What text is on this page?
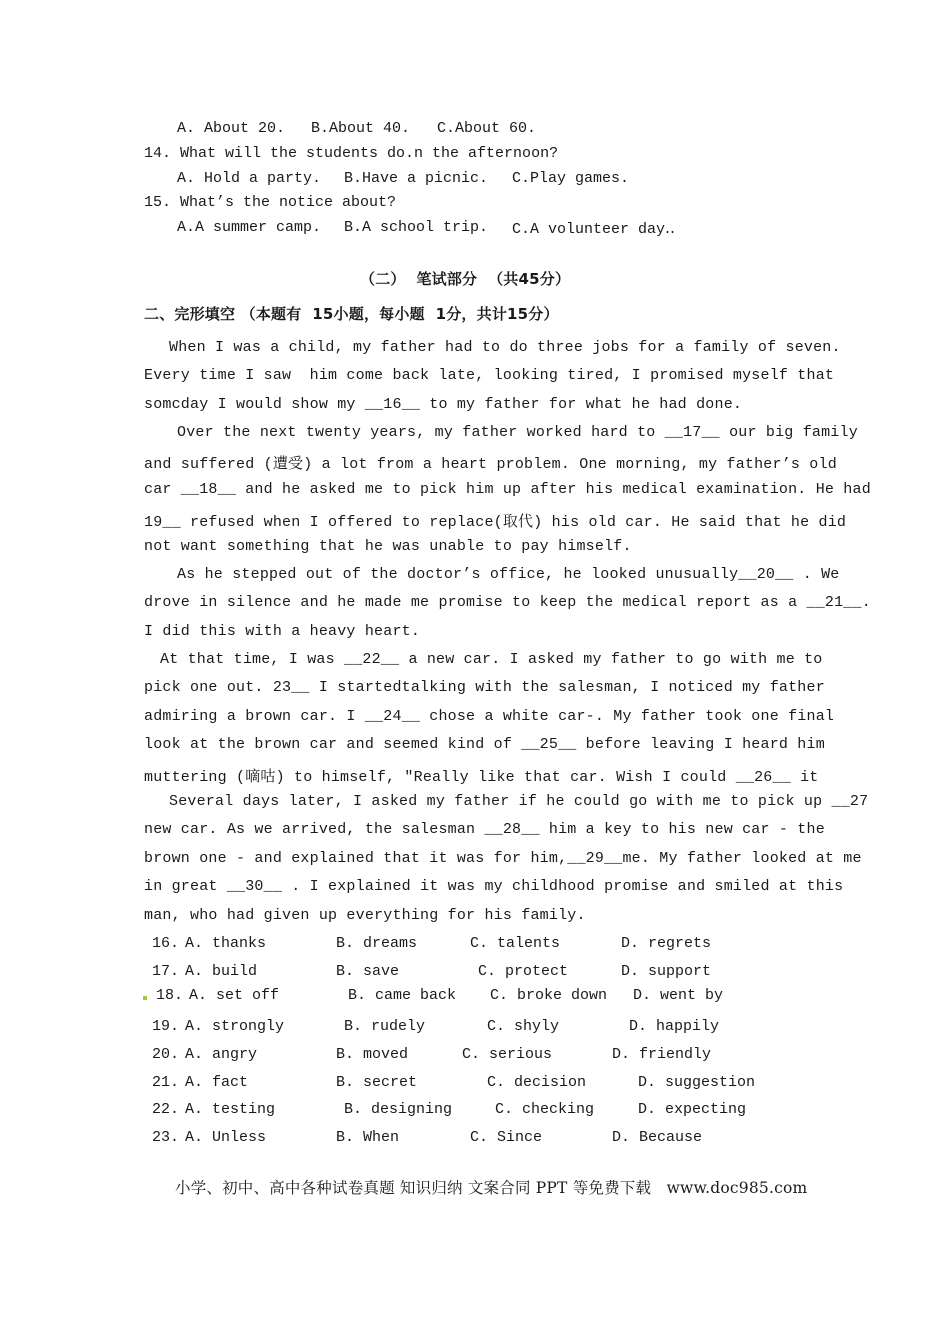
A. About 20. B.About 40. C.About 60.
14. What will the students do.n the afternoon?
A. Hold a party. B.Have a picnic. C.Play games.
15. What’s the notice about?
A.A summer camp. B.A school trip. C.A volunteer day‥
（二）  笔试部分  （共45分）
二、完形填空 （本题有  15小题，每小题  1分，共计15分）
When I was a child, my father had to do three jobs for a family of seven.
Every time I saw  him come back late, looking tired, I promised myself that
somcday I would show my __16__ to my father for what he had done.
Over the next twenty years, my father worked hard to __17__ our big family
and suffered (遭受) a lot from a heart problem. One morning, my father’s old
car __18__ and he asked me to pick him up after his medical examination. He had
19__ refused when I offered to replace(取代) his old car. He said that he did
not want something that he was unable to pay himself.
As he stepped out of the doctor’s office, he looked unusually__20__ . We
drove in silence and he made me promise to keep the medical report as a __21__.
I did this with a heavy heart.
At that time, I was __22__ a new car. I asked my father to go with me to
pick one out. 23__ I startedtalking with the salesman, I noticed my father
admiring a brown car. I __24__ chose a white car-. My father took one final
look at the brown car and seemed kind of __25__ before leaving I heard him
muttering (嘀咕) to himself, "Really like that car. Wish I could __26__ it
Several days later, I asked my father if he could go with me to pick up __27
new car. As we arrived, the salesman __28__ him a key to his new car - the
brown one - and explained that it was for him,__29__me. My father looked at me
in great __30__ . I explained it was my childhood promise and smiled at this
man, who had given up everything for his family.
16. A. thanks	B. dreams	C. talents	D. regrets
17. A. build	B. save	C. protect	D. support
18. A. set off	B. came back C. broke down D. went by
19. A. strongly	B. rudely	C. shyly	D. happily
20. A. angry	B. moved	C. serious	D. friendly
21. A. fact	B. secret	C. decision	D. suggestion
22. A. testing	B. designing	C. checking	D. expecting
23. A. Unless	B. When	C. Since	D. Because
小学、初中、高中各种试卷真题 知识归纳 文案合同 PPT 等免费下载   www.doc985.com
